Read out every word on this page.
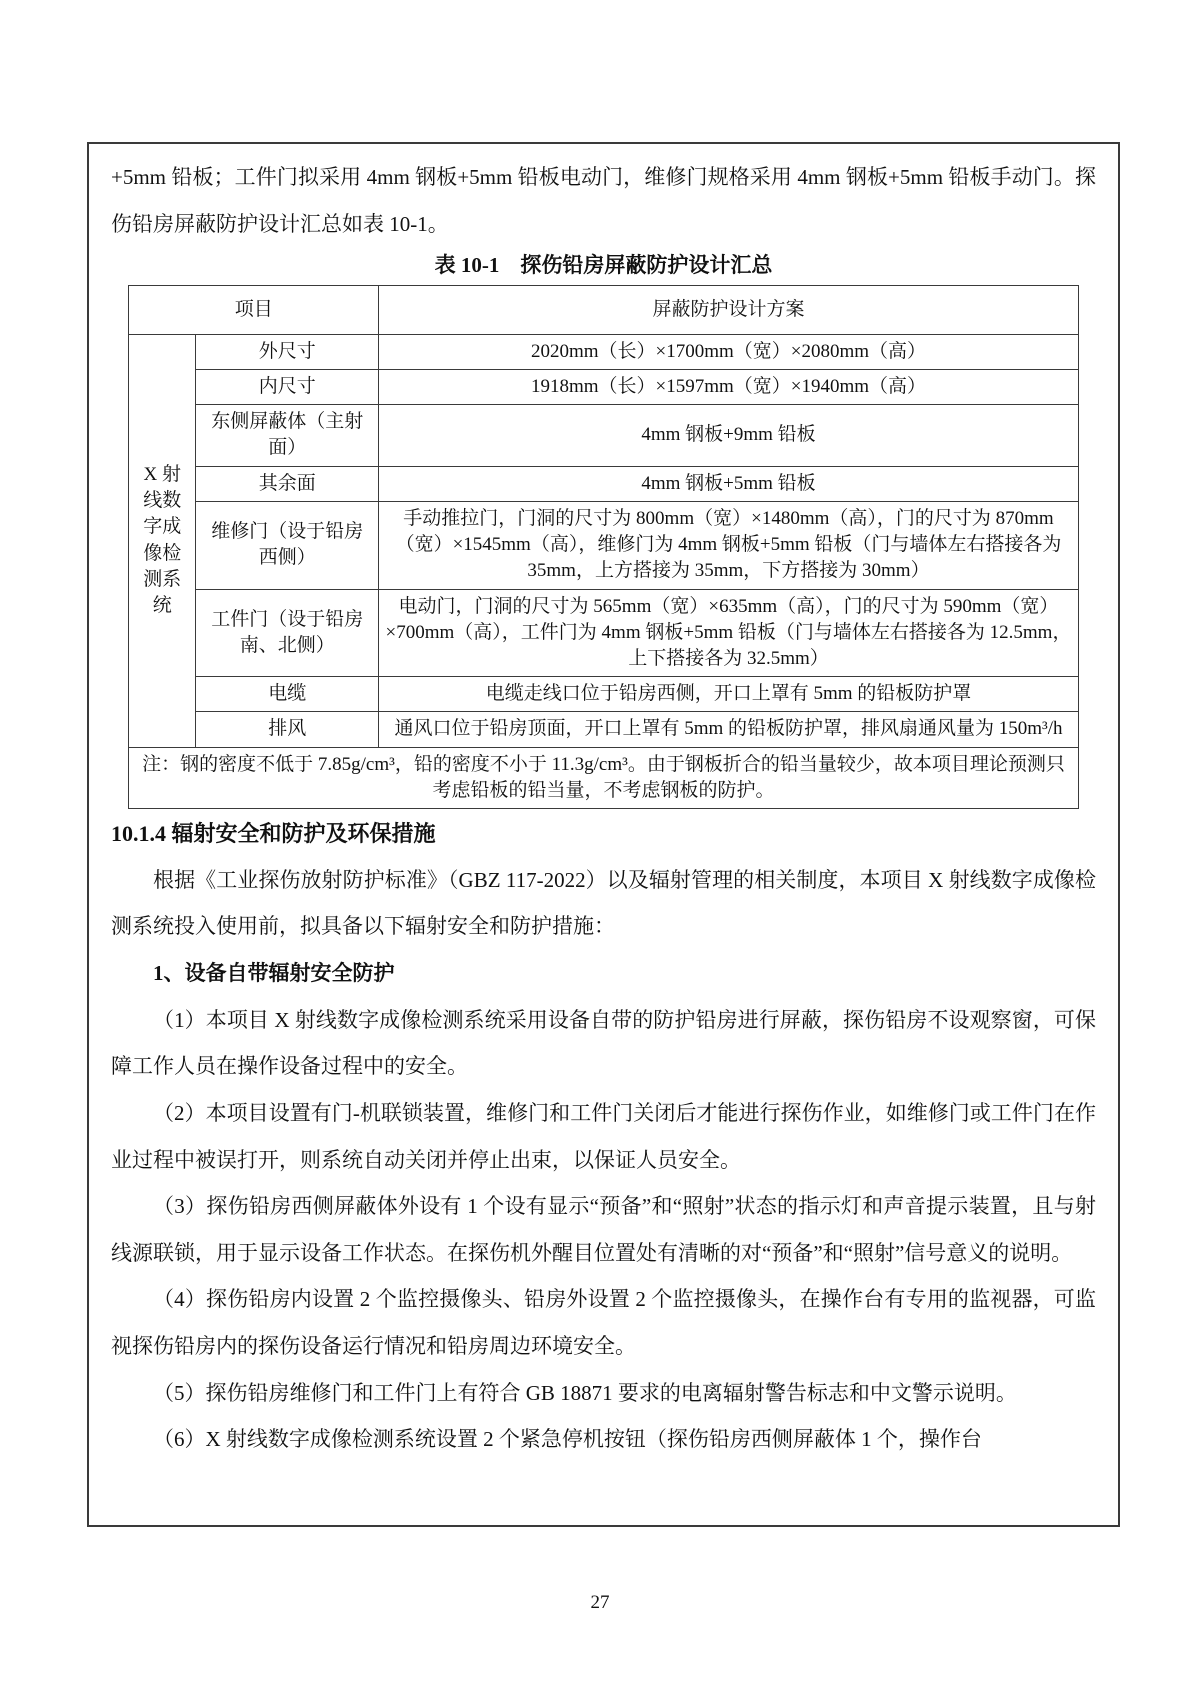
+5mm 铅板；工件门拟采用 4mm 钢板+5mm 铅板电动门，维修门规格采用 4mm 钢板+5mm 铅板手动门。探伤铅房屏蔽防护设计汇总如表 10-1。

表 10-1　探伤铅房屏蔽防护设计汇总
项目		屏蔽防护设计方案
X 射线数字成像检测系统	外尺寸	2020mm（长）×1700mm（宽）×2080mm（高）
	内尺寸	1918mm（长）×1597mm（宽）×1940mm（高）
	东侧屏蔽体（主射面）	4mm 钢板+9mm 铅板
	其余面	4mm 钢板+5mm 铅板
	维修门（设于铅房西侧）	手动推拉门，门洞的尺寸为 800mm（宽）×1480mm（高），门的尺寸为 870mm（宽）×1545mm（高），维修门为 4mm 钢板+5mm 铅板（门与墙体左右搭接各为 35mm，上方搭接为 35mm，下方搭接为 30mm）
	工件门（设于铅房南、北侧）	电动门，门洞的尺寸为 565mm（宽）×635mm（高），门的尺寸为 590mm（宽）×700mm（高），工件门为 4mm 钢板+5mm 铅板（门与墙体左右搭接各为 12.5mm，上下搭接各为 32.5mm）
	电缆	电缆走线口位于铅房西侧，开口上罩有 5mm 的铅板防护罩
	排风	通风口位于铅房顶面，开口上罩有 5mm 的铅板防护罩，排风扇通风量为 150m³/h
注：钢的密度不低于 7.85g/cm³，铅的密度不小于 11.3g/cm³。由于钢板折合的铅当量较少，故本项目理论预测只考虑铅板的铅当量，不考虑钢板的防护。		
10.1.4 辐射安全和防护及环保措施

根据《工业探伤放射防护标准》（GBZ 117-2022）以及辐射管理的相关制度，本项目 X 射线数字成像检测系统投入使用前，拟具备以下辐射安全和防护措施：

1、设备自带辐射安全防护

（1）本项目 X 射线数字成像检测系统采用设备自带的防护铅房进行屏蔽，探伤铅房不设观察窗，可保障工作人员在操作设备过程中的安全。

（2）本项目设置有门-机联锁装置，维修门和工件门关闭后才能进行探伤作业，如维修门或工件门在作业过程中被误打开，则系统自动关闭并停止出束，以保证人员安全。

（3）探伤铅房西侧屏蔽体外设有 1 个设有显示“预备”和“照射”状态的指示灯和声音提示装置，且与射线源联锁，用于显示设备工作状态。在探伤机外醒目位置处有清晰的对“预备”和“照射”信号意义的说明。

（4）探伤铅房内设置 2 个监控摄像头、铅房外设置 2 个监控摄像头，在操作台有专用的监视器，可监视探伤铅房内的探伤设备运行情况和铅房周边环境安全。

（5）探伤铅房维修门和工件门上有符合 GB 18871 要求的电离辐射警告标志和中文警示说明。

（6）X 射线数字成像检测系统设置 2 个紧急停机按钮（探伤铅房西侧屏蔽体 1 个，操作台

27
